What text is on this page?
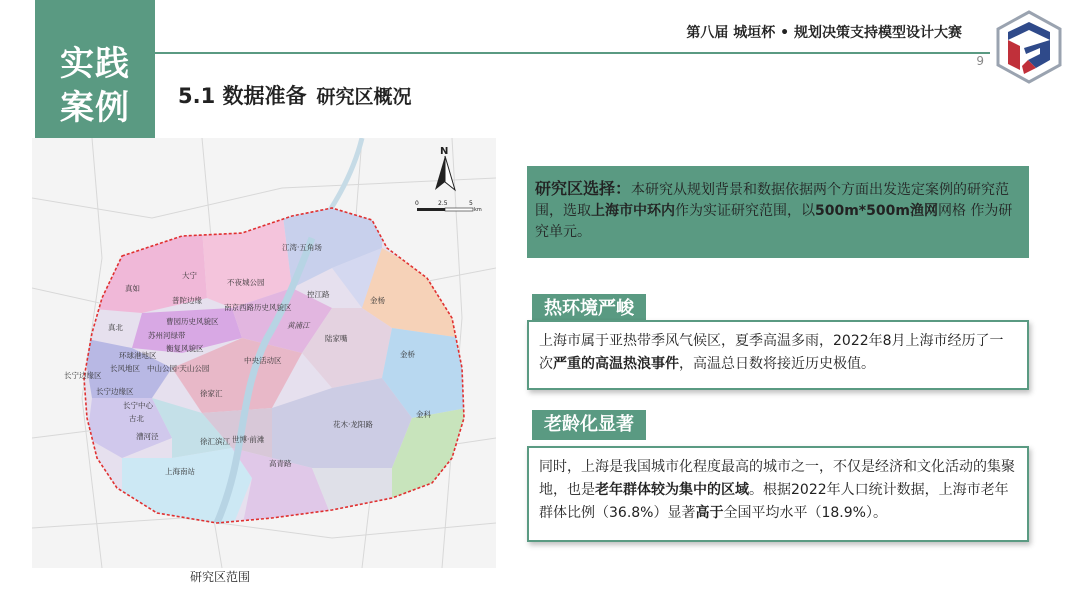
实践
案例
第八届 城垣杯 • 规划决策支持模型设计大赛
9
5.1 数据准备 研究区概况
N
0	2.5	5
km
黄浦江
江湾·五角场
大宁
不夜城公园
真如
普陀边缘
控江路
南京西路历史风貌区
金杨
曹园历史风貌区
真北
苏州河绿带
衡复风貌区
陆家嘴
环球港地区
长风地区 中山公园·天山公园
中央活动区
金桥
长宁边缘区
长宁边缘区	徐家汇
长宁中心
古北
花木·龙阳路
漕河泾
徐汇滨江 世博·前滩
金科
高青路
上海南站
研究区范围
研究区选择：本研究从规划背景和数据依据两个方面出发选定案例的研究范围，选取上海市中环内作为实证研究范围，以500m*500m渔网网格 作为研究单元。
热环境严峻
上海市属于亚热带季风气候区，夏季高温多雨，2022年8月上海市经历了一次严重的高温热浪事件，高温总日数将接近历史极值。
老龄化显著
同时，上海是我国城市化程度最高的城市之一，不仅是经济和文化活动的集聚地，也是老年群体较为集中的区域。根据2022年人口统计数据，上海市老年群体比例（36.8%）显著高于全国平均水平（18.9%）。
